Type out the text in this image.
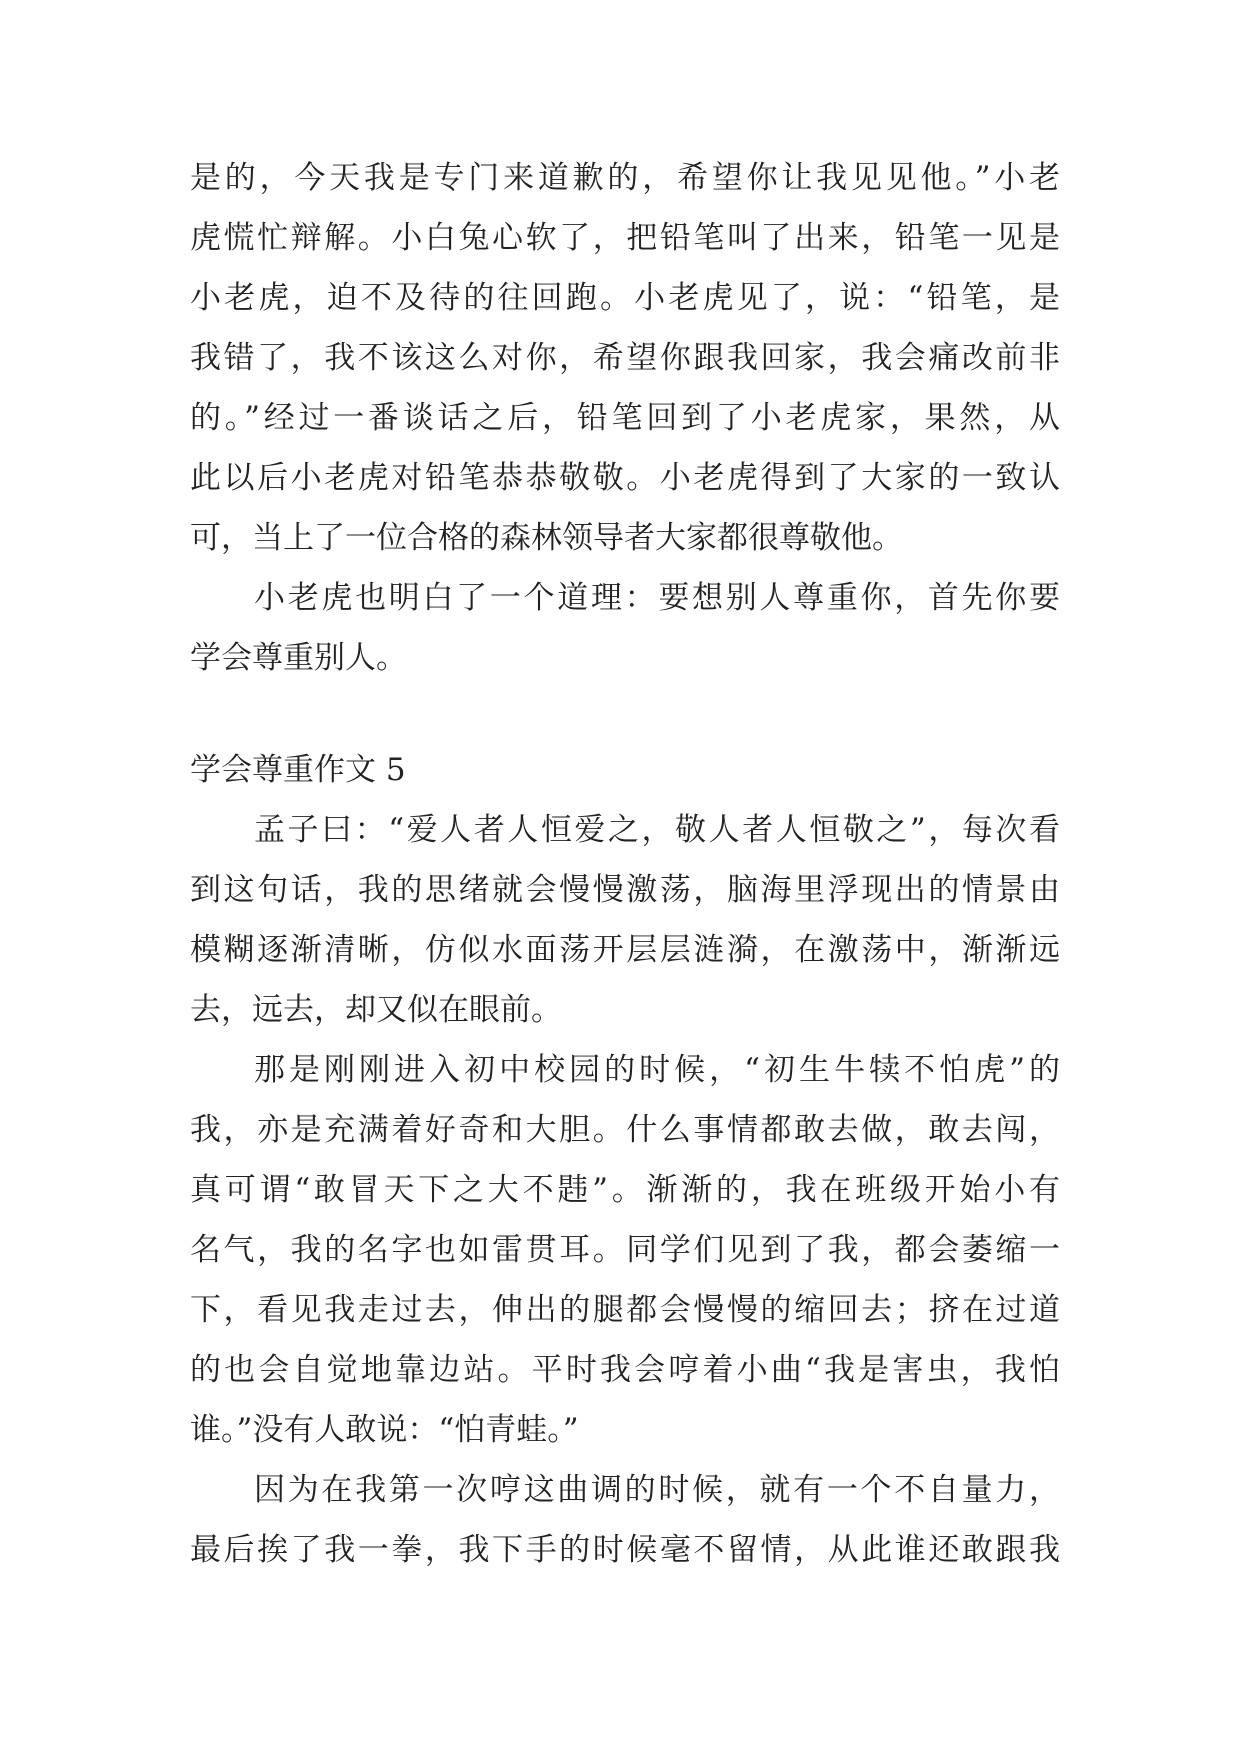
是的，今天我是专门来道歉的，希望你让我见见他。”小老
虎慌忙辩解。小白兔心软了，把铅笔叫了出来，铅笔一见是
小老虎，迫不及待的往回跑。小老虎见了，说：“铅笔，是
我错了，我不该这么对你，希望你跟我回家，我会痛改前非
的。”经过一番谈话之后，铅笔回到了小老虎家，果然，从
此以后小老虎对铅笔恭恭敬敬。小老虎得到了大家的一致认
可，当上了一位合格的森林领导者大家都很尊敬他。
小老虎也明白了一个道理：要想别人尊重你，首先你要
学会尊重别人。
学会尊重作文 5
孟子曰：“爱人者人恒爱之，敬人者人恒敬之”，每次看
到这句话，我的思绪就会慢慢激荡，脑海里浮现出的情景由
模糊逐渐清晰，仿似水面荡开层层涟漪，在激荡中，渐渐远
去，远去，却又似在眼前。
那是刚刚进入初中校园的时候，“初生牛犊不怕虎”的
我，亦是充满着好奇和大胆。什么事情都敢去做，敢去闯，
真可谓“敢冒天下之大不韪”。渐渐的，我在班级开始小有
名气，我的名字也如雷贯耳。同学们见到了我，都会萎缩一
下，看见我走过去，伸出的腿都会慢慢的缩回去；挤在过道
的也会自觉地靠边站。平时我会哼着小曲“我是害虫，我怕
谁。”没有人敢说：“怕青蛙。”
因为在我第一次哼这曲调的时候，就有一个不自量力，
最后挨了我一拳，我下手的时候毫不留情，从此谁还敢跟我
